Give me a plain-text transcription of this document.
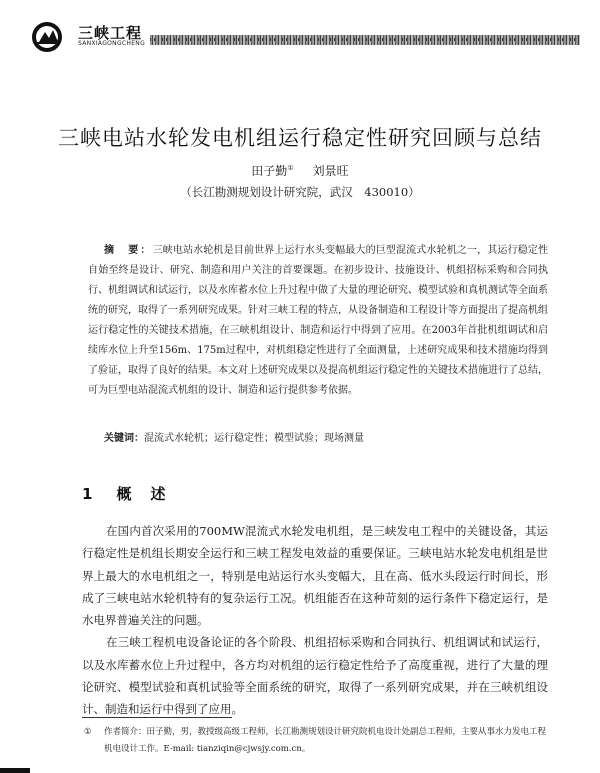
三峡工程
SANXIAGONGCHENG
三峡电站水轮发电机组运行稳定性研究回顾与总结
田子勤① 刘景旺
（长江勘测规划设计研究院，武汉　430010）
摘　要：三峡电站水轮机是目前世界上运行水头变幅最大的巨型混流式水轮机之一，其运行稳定性自始至终是设计、研究、制造和用户关注的首要课题。在初步设计、技施设计、机组招标采购和合同执行、机组调试和试运行，以及水库蓄水位上升过程中做了大量的理论研究、模型试验和真机测试等全面系统的研究，取得了一系列研究成果。针对三峡工程的特点，从设备制造和工程设计等方面提出了提高机组运行稳定性的关键技术措施，在三峡机组设计、制造和运行中得到了应用。在2003年首批机组调试和启续库水位上升至156m、175m过程中，对机组稳定性进行了全面测量，上述研究成果和技术措施均得到了验证，取得了良好的结果。本文对上述研究成果以及提高机组运行稳定性的关键技术措施进行了总结，可为巨型电站混流式机组的设计、制造和运行提供参考依据。
关键词：混流式水轮机；运行稳定性；模型试验；现场测量
1 概　述

在国内首次采用的700MW混流式水轮发电机组，是三峡发电工程中的关键设备，其运行稳定性是机组长期安全运行和三峡工程发电效益的重要保证。三峡电站水轮发电机组是世界上最大的水电机组之一，特别是电站运行水头变幅大，且在高、低水头段运行时间长，形成了三峡电站水轮机特有的复杂运行工况。机组能否在这种苛刻的运行条件下稳定运行，是水电界普遍关注的问题。

在三峡工程机电设备论证的各个阶段、机组招标采购和合同执行、机组调试和试运行，以及水库蓄水位上升过程中，各方均对机组的运行稳定性给予了高度重视，进行了大量的理论研究、模型试验和真机试验等全面系统的研究，取得了一系列研究成果，并在三峡机组设计、制造和运行中得到了应用。

① 作者简介：田子勤，男，教授级高级工程师，长江勘测规划设计研究院机电设计处副总工程师，主要从事水力发电工程机电设计工作。E-mail: tianziqin@cjwsjy.com.cn。
